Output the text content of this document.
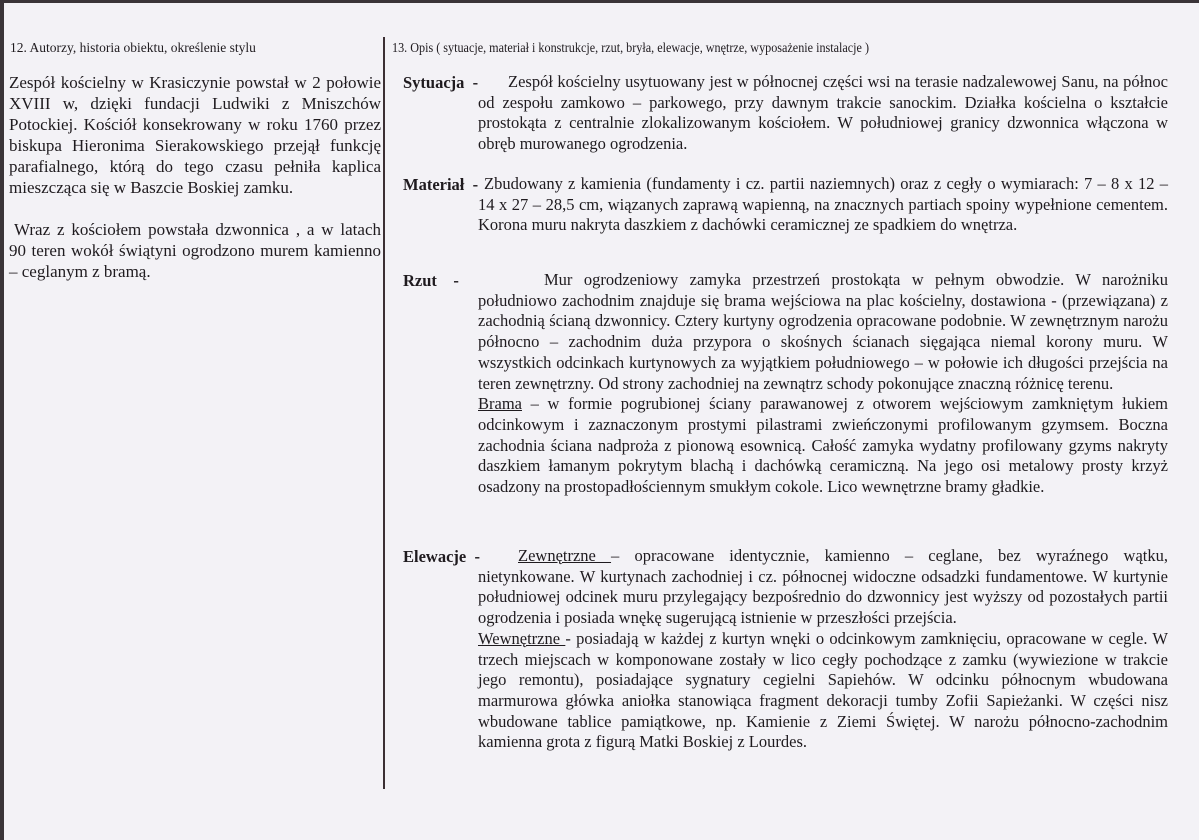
12. Autorzy, historia obiektu, określenie stylu	13. Opis ( sytuacje, materiał i konstrukcje, rzut, bryła, elewacje, wnętrze, wyposażenie instalacje )

Zespół kościelny w Krasiczynie powstał w 2 połowie XVIII w, dzięki fundacji Ludwiki z Mniszchów Potockiej. Kościół konsekrowany w roku 1760 przez biskupa Hieronima Sierakowskiego przejął funkcję parafialnego, którą do tego czasu pełniła kaplica mieszcząca się w Baszcie Boskiej zamku.

Wraz z kościołem powstała dzwonnica , a w latach 90 teren wokół świątyni ogrodzono murem kamienno – ceglanym z bramą.

Sytuacja  -	Zespół kościelny usytuowany jest w północnej części wsi na terasie nadzalewowej Sanu, na północ od zespołu zamkowo – parkowego, przy dawnym trakcie sanockim. Działka kościelna o kształcie prostokąta z centralnie zlokalizowanym kościołem. W południowej granicy dzwonnica włączona w obręb murowanego ogrodzenia.

Materiał  - Zbudowany z kamienia (fundamenty i cz. partii naziemnych) oraz z cegły o wymiarach: 7 – 8 x 12 – 14 x 27 – 28,5 cm, wiązanych zaprawą wapienną, na znacznych partiach spoiny wypełnione cementem. Korona muru nakryta daszkiem z dachówki ceramicznej ze spadkiem do wnętrza.

Rzut    -	Mur ogrodzeniowy zamyka przestrzeń prostokąta w pełnym obwodzie. W narożniku południowo zachodnim znajduje się brama wejściowa na plac kościelny, dostawiona - (przewiązana) z zachodnią ścianą dzwonnicy. Cztery kurtyny ogrodzenia opracowane podobnie. W zewnętrznym narożu północno – zachodnim duża przypora o skośnych ścianach sięgająca niemal korony muru. W wszystkich odcinkach kurtynowych za wyjątkiem południowego – w połowie ich długości przejścia na teren zewnętrzny. Od strony zachodniej na zewnątrz schody pokonujące znaczną różnicę terenu.

Brama – w formie pogrubionej ściany parawanowej z otworem wejściowym zamkniętym łukiem odcinkowym i zaznaczonym prostymi pilastrami zwieńczonymi profilowanym gzymsem. Boczna zachodnia ściana nadproża z pionową esownicą. Całość zamyka wydatny profilowany gzyms nakryty daszkiem łamanym pokrytym blachą i dachówką ceramiczną. Na jego osi metalowy prosty krzyż osadzony na prostopadłościennym smukłym cokole. Lico wewnętrzne bramy gładkie.

Elewacje  -	Zewnętrzne – opracowane identycznie, kamienno – ceglane, bez wyraźnego wątku, nietynkowane. W kurtynach zachodniej i cz. północnej widoczne odsadzki fundamentowe. W kurtynie południowej odcinek muru przylegający bezpośrednio do dzwonnicy jest wyższy od pozostałych partii ogrodzenia i posiada wnękę sugerującą istnienie w przeszłości przejścia.

Wewnętrzne - posiadają w każdej z kurtyn wnęki o odcinkowym zamknięciu, opracowane w cegle. W trzech miejscach w komponowane zostały w lico cegły pochodzące z zamku (wywiezione w trakcie jego remontu), posiadające sygnatury cegielni Sapiehów. W odcinku północnym wbudowana marmurowa główka aniołka stanowiąca fragment dekoracji tumby Zofii Sapieżanki. W części nisz wbudowane tablice pamiątkowe, np. Kamienie z Ziemi Świętej. W narożu północno-zachodnim kamienna grota z figurą Matki Boskiej z Lourdes.
